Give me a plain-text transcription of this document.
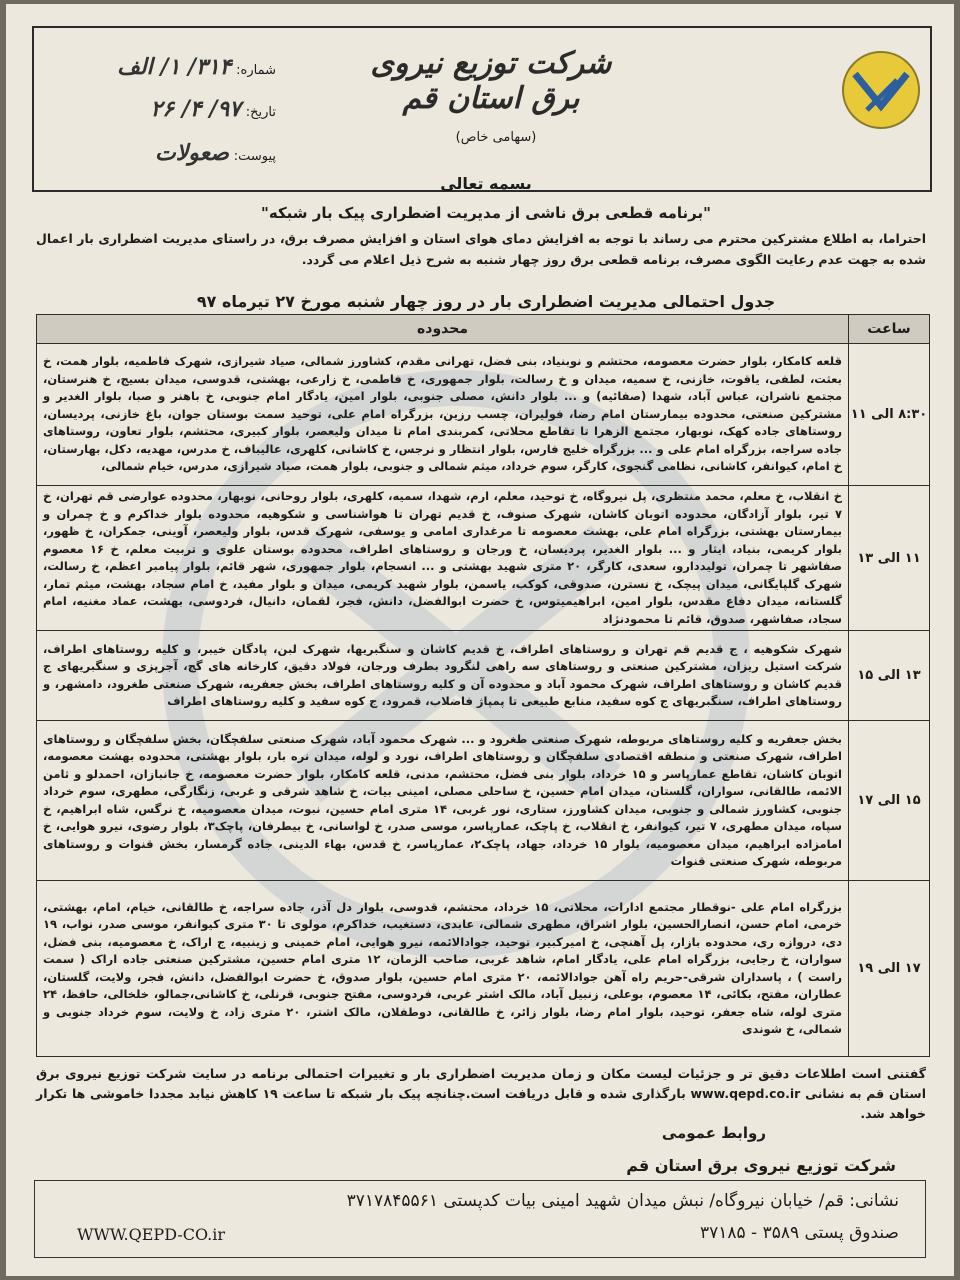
شرکت توزیع نیروی برق استان قم
(سهامی خاص)
شماره: ۳۱۴/ ۱/ الف
تاریخ: ۹۷/ ۴/ ۲۶
پیوست: صعولات
بسمه تعالی
"برنامه قطعی برق ناشی از مدیریت اضطراری پیک بار شبکه"
احتراما، به اطلاع مشترکین محترم می رساند با توجه به افزایش دمای هوای استان و افزایش مصرف برق، در راستای مدیریت اضطراری بار اعمال شده به جهت عدم رعایت الگوی مصرف، برنامه قطعی برق روز چهار شنبه به شرح ذیل اعلام می گردد.
جدول احتمالی مدیریت اضطراری بار در روز چهار شنبه مورخ ۲۷ تیرماه ۹۷
ساعت	محدوده
۸:۳۰ الی ۱۱	قلعه کامکار، بلوار حضرت معصومه، محتشم و نوبنیاد، بنی فضل، تهرانی مقدم، کشاورز شمالی، صیاد شیرازی، شهرک فاطمیه، بلوار همت، خ بعثت، لطفی، یاقوت، خازنی، خ سمیه، میدان و خ رسالت، بلوار جمهوری، خ فاطمی، خ زارعی، بهشتی، قدوسی، میدان بسیج، خ هنرستان، مجتمع ناشران، عباس آباد، شهدا (صفائیه) و ... بلوار دانش، مصلی جنوبی، بلوار امین، یادگار امام جنوبی، خ باهنر و صبا، بلوار الغدیر و مشترکین صنعتی، محدوده بیمارستان امام رضا، فولیران، چسب رزین، بزرگراه امام علی، توحید سمت بوستان جوان، باغ خازنی، پردیسان، روستاهای جاده کهک، نوبهار، مجتمع الزهرا تا تقاطع محلاتی، کمربندی امام تا میدان ولیعصر، بلوار کبیری، محتشم، بلوار تعاون، روستاهای جاده سراجه، بزرگراه امام علی و ... بزرگراه خلیج فارس، بلوار انتظار و نرجس، خ کاشانی، کلهری، عالیباف، خ مدرس، مهدیه، دکل، بهارستان، خ امام، کیوانفر، کاشانی، نظامی گنجوی، کارگر، سوم خرداد، میثم شمالی و جنوبی، بلوار همت، صیاد شیرازی، مدرس، خیام شمالی،
۱۱ الی ۱۳	خ انقلاب، خ معلم، محمد منتظری، پل نیروگاه، خ توحید، معلم، ارم، شهدا، سمیه، کلهری، بلوار روحانی، نوبهار، محدوده عوارضی قم تهران، خ ۷ تیر، بلوار آزادگان، محدوده اتوبان کاشان، شهرک صنوف، خ قدیم تهران تا هواشناسی و شکوهیه، محدوده بلوار خداکرم و خ چمران و بیمارستان بهشتی، بزرگراه امام علی، بهشت معصومه تا مرغداری امامی و یوسفی، شهرک قدس، بلوار ولیعصر، آوینی، جمکران، خ ظهور، بلوار کریمی، بنیاد، ایثار و ... بلوار الغدیر، پردیسان، خ ورجان و روستاهای اطراف، محدوده بوستان علوی و تربیت معلم، خ ۱۶ معصوم صفاشهر تا چمران، تولیددارو، سعدی، کارگر، ۲۰ متری شهید بهشتی و ... انسجام، بلوار جمهوری، شهر قائم، بلوار پیامبر اعظم، خ رسالت، شهرک گلپایگانی، میدان پیچک، خ نسترن، صدوقی، کوکب، یاسمن، بلوار شهید کریمی، میدان و بلوار مفید، خ امام سجاد، بهشت، میثم تمار، گلستانه، میدان دفاع مقدس، بلوار امین، ابراهیمیتوس، خ حضرت ابوالفضل، دانش، فجر، لقمان، دانیال، فردوسی، بهشت، عماد مغنیه، امام سجاد، صفاشهر، صدوق، قائم تا محمودنژاد
۱۳ الی ۱۵	شهرک شکوهیه ، ج قدیم قم تهران و روستاهای اطراف، خ قدیم کاشان و سنگبریها، شهرک لبن، پادگان خیبر، و کلیه روستاهای اطراف، شرکت استیل ریزان، مشترکین صنعتی و روستاهای سه راهی لنگرود بطرف ورجان، فولاد دقیق، کارخانه های گچ، آجرپزی و سنگبریهای ج قدیم کاشان و روستاهای اطراف، شهرک محمود آباد و محدوده آن و کلیه روستاهای اطراف، بخش جعفریه، شهرک صنعتی طغرود، دامشهر، و روستاهای اطراف، سنگبریهای ج کوه سفید، منابع طبیعی تا پمپاژ فاضلاب، قمرود، ج کوه سفید و کلیه روستاهای اطراف
۱۵ الی ۱۷	بخش جعفریه و کلیه روستاهای مربوطه، شهرک صنعتی طغرود و ... شهرک محمود آباد، شهرک صنعتی سلفچگان، بخش سلفچگان و روستاهای اطراف، شهرک صنعتی و منطقه اقتصادی سلفچگان و روستاهای اطراف، نورد و لوله، میدان نره بار، بلوار بهشتی، محدوده بهشت معصومه، اتوبان کاشان، تقاطع عمارپاسر و ۱۵ خرداد، بلوار بنی فضل، محتشم، مدنی، قلعه کامکار، بلوار حضرت معصومه، خ جانبازان، احمدلو و ثامن الائمه، طالقانی، سواران، گلستان، میدان امام حسین، خ ساحلی مصلی، امینی بیات، خ شاهد شرقی و غربی، زنگارگی، مطهری، سوم خرداد جنوبی، کشاورز شمالی و جنوبی، میدان کشاورز، ستاری، نور غربی، ۱۴ متری امام حسین، نبوت، میدان معصومیه، خ نرگس، شاه ابراهیم، خ سپاه، میدان مطهری، ۷ تیر، کیوانفر، خ انقلاب، خ پاچک، عمارپاسر، موسی صدر، خ لواسانی، خ بیطرفان، پاچک۳، بلوار رضوی، نیرو هوایی، خ امامزاده ابراهیم، میدان معصومیه، بلوار ۱۵ خرداد، جهاد، پاچک۲، عمارپاسر، خ قدس، بهاء الدینی، جاده گرمسار، بخش قنوات و روستاهای مربوطه، شهرک صنعتی قنوات
۱۷ الی ۱۹	بزرگراه امام علی -نوقطار مجتمع ادارات، محلاتی، ۱۵ خرداد، محتشم، قدوسی، بلوار دل آذر، جاده سراجه، خ طالقانی، خیام، امام، بهشتی، خرمی، امام حسن، انصارالحسین، بلوار اشراق، مطهری شمالی، عابدی، دستغیب، خداکرم، مولوی تا ۳۰ متری کیوانفر، موسی صدر، نواب، ۱۹ دی، دروازه ری، محدوده بازار، پل آهنچی، خ امیرکبیر، توحید، جوادالائمه، نیرو هوایی، امام خمینی و زینبیه، ج اراک، خ معصومیه، بنی فضل، سواران، خ رجایی، بزرگراه امام علی، یادگار امام، شاهد غربی، صاحب الزمان، ۱۲ متری امام حسین، مشترکین صنعتی جاده اراک ( سمت راست ) ، پاسداران شرقی-حریم راه آهن جوادالائمه، ۲۰ متری امام حسین، بلوار صدوق، خ حضرت ابوالفضل، دانش، فجر، ولایت، گلستان، عطاران، مفتح، بکائی، ۱۴ معصوم، بوعلی، زنبیل آباد، مالک اشتر غربی، فردوسی، مفتح جنوبی، قرنلی، خ کاشانی،جمالو، خلخالی، حافظ، ۲۴ متری لوله، شاه جعفر، توحید، بلوار امام رضا، بلوار زائر، خ طالقانی، دوطفلان، مالک اشتر، ۲۰ متری زاد، خ ولایت، سوم خرداد جنوبی و شمالی، خ شوندی
گفتنی است اطلاعات دقیق تر و جزئیات لیست مکان و زمان مدیریت اضطراری بار و تغییرات احتمالی برنامه در سایت شرکت توزیع نیروی برق استان قم به نشانی www.qepd.co.ir بارگذاری شده و قابل دریافت است.چنانچه پیک بار شبکه تا ساعت ۱۹ کاهش نیابد مجددا خاموشی ها تکرار خواهد شد.
روابط عمومی
شرکت توزیع نیروی برق استان قم
نشانی: قم/ خیابان نیروگاه/ نبش میدان شهید امینی بیات کدپستی ۳۷۱۷۸۴۵۵۶۱
صندوق پستی ۳۵۸۹ - ۳۷۱۸۵
WWW.QEPD-CO.ir
